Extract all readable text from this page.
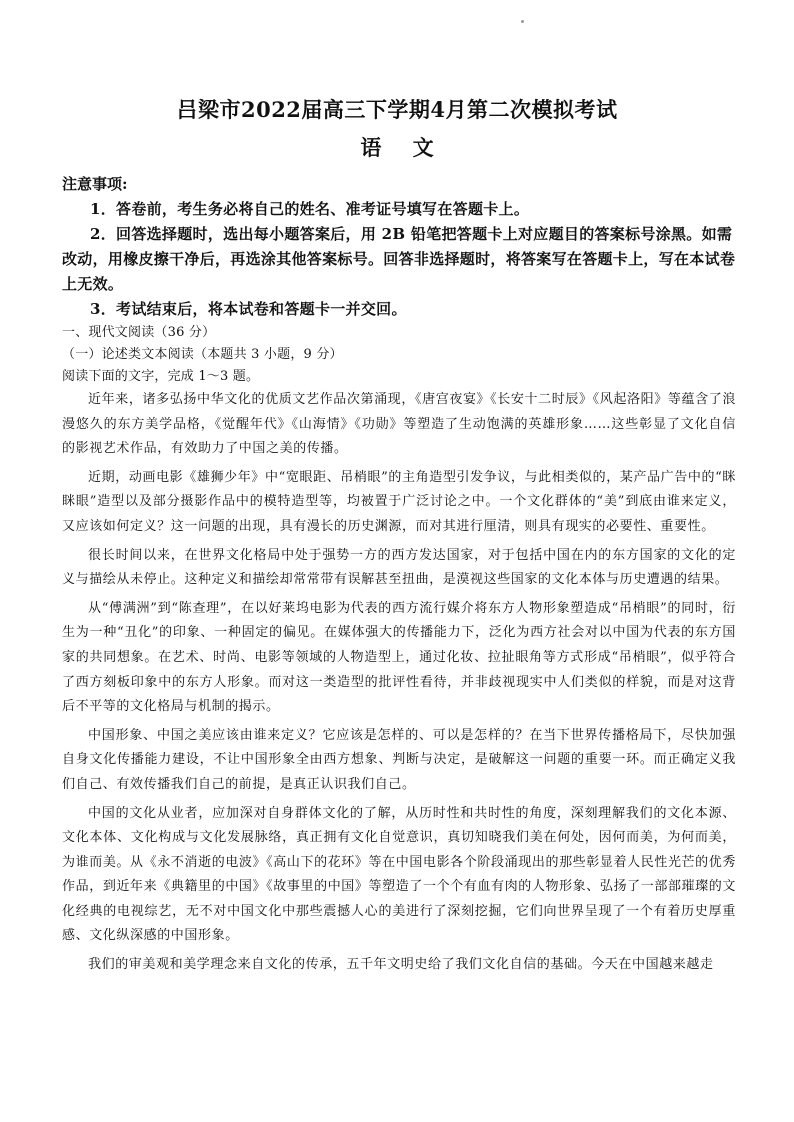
吕梁市2022届高三下学期4月第二次模拟考试
语 文

注意事项:

1．答卷前，考生务必将自己的姓名、准考证号填写在答题卡上。

2．回答选择题时，选出每小题答案后，用 2B 铅笔把答题卡上对应题目的答案标号涂黑。如需改动，用橡皮擦干净后，再选涂其他答案标号。回答非选择题时，将答案写在答题卡上，写在本试卷上无效。

3．考试结束后，将本试卷和答题卡一并交回。

一、现代文阅读（36 分）

（一）论述类文本阅读（本题共 3 小题，9 分）

阅读下面的文字，完成 1～3 题。

近年来，诸多弘扬中华文化的优质文艺作品次第涌现，《唐宫夜宴》《长安十二时辰》《风起洛阳》等蕴含了浪漫悠久的东方美学品格，《觉醒年代》《山海情》《功勋》等塑造了生动饱满的英雄形象……这些彰显了文化自信的影视艺术作品，有效助力了中国之美的传播。

近期，动画电影《雄狮少年》中“宽眼距、吊梢眼”的主角造型引发争议，与此相类似的，某产品广告中的“眯眯眼”造型以及部分摄影作品中的模特造型等，均被置于广泛讨论之中。一个文化群体的“美”到底由谁来定义，又应该如何定义？这一问题的出现，具有漫长的历史渊源，而对其进行厘清，则具有现实的必要性、重要性。

很长时间以来，在世界文化格局中处于强势一方的西方发达国家，对于包括中国在内的东方国家的文化的定义与描绘从未停止。这种定义和描绘却常常带有误解甚至扭曲，是漠视这些国家的文化本体与历史遭遇的结果。

从“傅满洲”到“陈查理”，在以好莱坞电影为代表的西方流行媒介将东方人物形象塑造成“吊梢眼”的同时，衍生为一种“丑化”的印象、一种固定的偏见。在媒体强大的传播能力下，泛化为西方社会对以中国为代表的东方国家的共同想象。在艺术、时尚、电影等领域的人物造型上，通过化妆、拉扯眼角等方式形成“吊梢眼”，似乎符合了西方刻板印象中的东方人形象。而对这一类造型的批评性看待，并非歧视现实中人们类似的样貌，而是对这背后不平等的文化格局与机制的揭示。

中国形象、中国之美应该由谁来定义？它应该是怎样的、可以是怎样的？在当下世界传播格局下，尽快加强自身文化传播能力建设，不让中国形象全由西方想象、判断与决定，是破解这一问题的重要一环。而正确定义我们自己、有效传播我们自己的前提，是真正认识我们自己。

中国的文化从业者，应加深对自身群体文化的了解，从历时性和共时性的角度，深刻理解我们的文化本源、文化本体、文化构成与文化发展脉络，真正拥有文化自觉意识，真切知晓我们美在何处，因何而美，为何而美，为谁而美。从《永不消逝的电波》《高山下的花环》等在中国电影各个阶段涌现出的那些彰显着人民性光芒的优秀作品，到近年来《典籍里的中国》《故事里的中国》等塑造了一个个有血有肉的人物形象、弘扬了一部部璀璨的文化经典的电视综艺，无不对中国文化中那些震撼人心的美进行了深刻挖掘，它们向世界呈现了一个有着历史厚重感、文化纵深感的中国形象。

我们的审美观和美学理念来自文化的传承，五千年文明史给了我们文化自信的基础。今天在中国越来越走
